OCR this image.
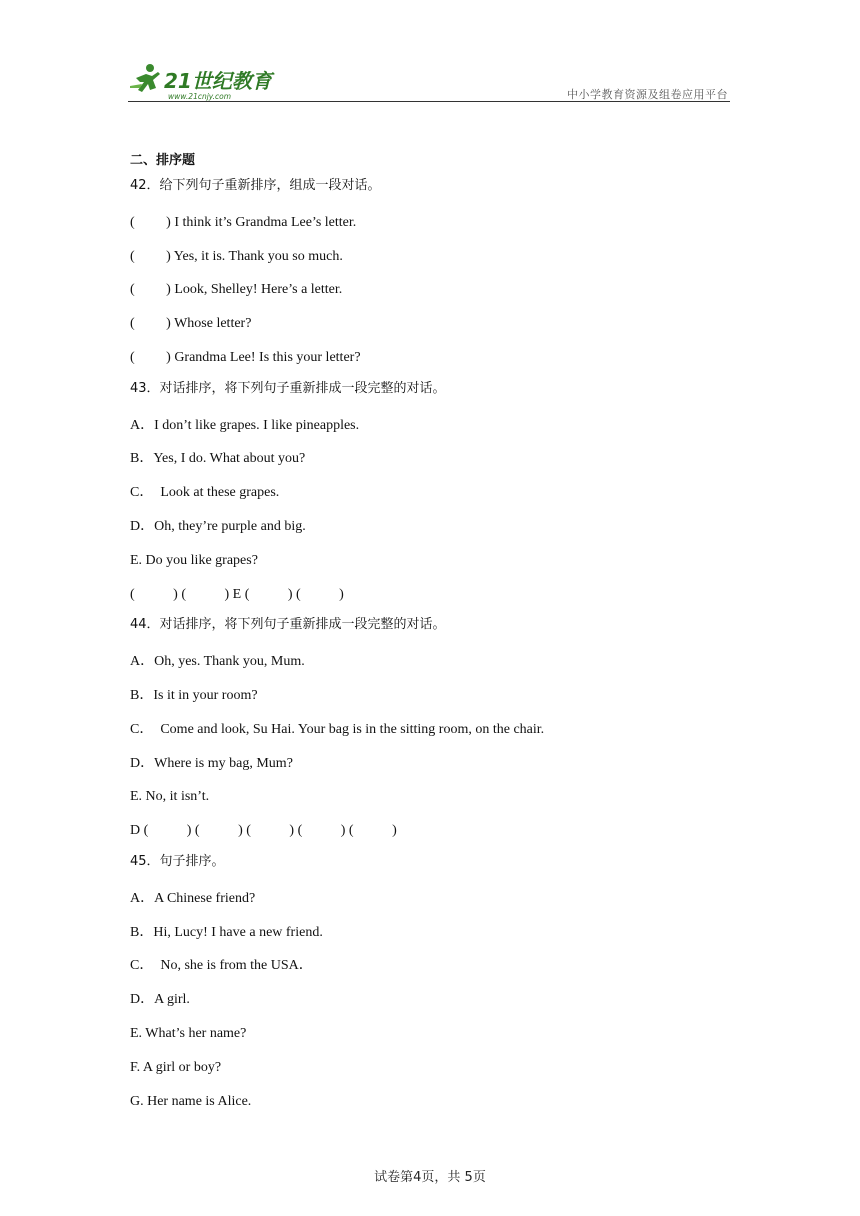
21世纪教育
www.21cnjy.com	中小学教育资源及组卷应用平台
二、排序题
42．给下列句子重新排序，组成一段对话。
(         ) I think it’s Grandma Lee’s letter.
(         ) Yes, it is. Thank you so much.
(         ) Look, Shelley! Here’s a letter.
(         ) Whose letter?
(         ) Grandma Lee! Is this your letter?
43．对话排序，将下列句子重新排成一段完整的对话。
A．I don’t like grapes. I like pineapples.
B．Yes, I do. What about you?
C．  Look at these grapes.
D．Oh, they’re purple and big.
E. Do you like grapes?
(           ) (           ) E (           ) (           )
44．对话排序，将下列句子重新排成一段完整的对话。
A．Oh, yes. Thank you, Mum.
B．Is it in your room?
C．  Come and look, Su Hai. Your bag is in the sitting room, on the chair.
D．Where is my bag, Mum?
E. No, it isn’t.
D (           ) (           ) (           ) (           ) (           )
45．句子排序。
A．A Chinese friend?
B．Hi, Lucy! I have a new friend.
C．  No, she is from the USA．
D．A girl.
E. What’s her name?
F. A girl or boy?
G. Her name is Alice.
试卷第4页，共 5页
